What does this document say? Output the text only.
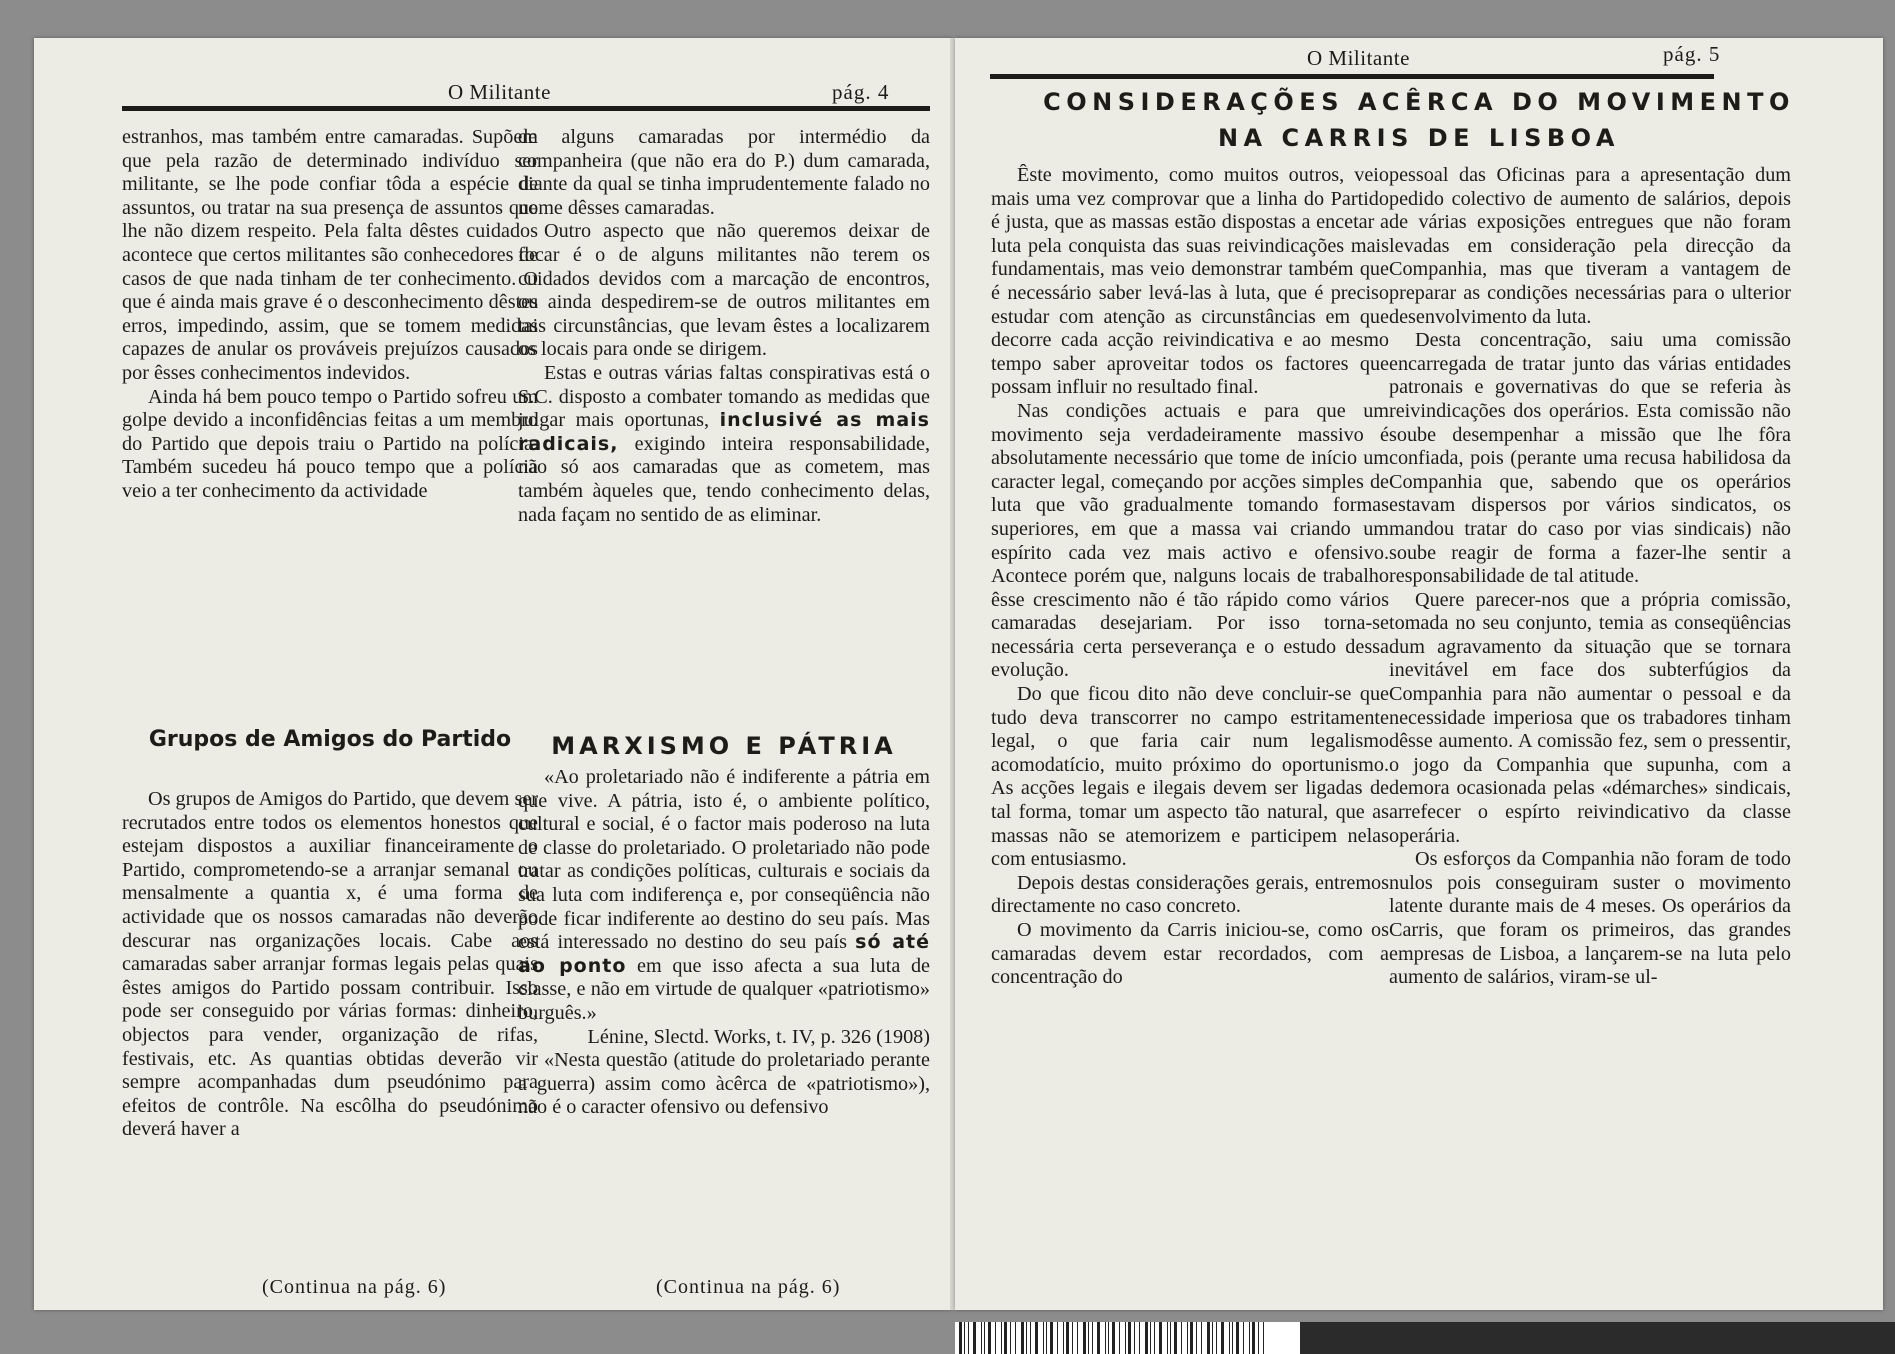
O Militante	pág. 4

estranhos, mas também entre camaradas. Supõem que pela razão de determinado indivíduo ser militante, se lhe pode confiar tôda a espécie de assuntos, ou tratar na sua presença de assuntos que lhe não dizem respeito. Pela falta dêstes cuidados acontece que certos militantes são conhecedores de casos de que nada tinham de ter conhecimento. O que é ainda mais grave é o desconhecimento dêstes erros, impedindo, assim, que se tomem medidas capazes de anular os prováveis prejuízos causados por êsses conhecimentos indevidos.

Ainda há bem pouco tempo o Partido sofreu um golpe devido a inconfidências feitas a um membro do Partido que depois traiu o Partido na polícia. Também sucedeu há pouco tempo que a polícia veio a ter conhecimento da actividade

Grupos de Amigos do Partido

Os grupos de Amigos do Partido, que devem ser recrutados entre todos os elementos honestos que estejam dispostos a auxiliar financeiramente o Partido, comprometendo-se a arranjar semanal ou mensalmente a quantia x, é uma forma de actividade que os nossos camaradas não deverão descurar nas organizações locais. Cabe aos camaradas saber arranjar formas legais pelas quais êstes amigos do Partido possam contribuir. Isso pode ser conseguido por várias formas: dinheiro, objectos para vender, organização de rifas, festivais, etc. As quantias obtidas deverão vir sempre acompanhadas dum pseudónimo para efeitos de contrôle. Na escôlha do pseudónimo deverá haver a

(Continua na pág. 6)

de alguns camaradas por intermédio da companheira (que não era do P.) dum camarada, diante da qual se tinha imprudentemente falado no nome dêsses camaradas.

Outro aspecto que não queremos deixar de focar é o de alguns militantes não terem os cuidados devidos com a marcação de encontros, ou ainda despedirem-se de outros militantes em tais circunstâncias, que levam êstes a localizarem os locais para onde se dirigem.

Estas e outras várias faltas conspirativas está o S.C. disposto a combater tomando as medidas que julgar mais oportunas, inclusivé as mais radicais, exigindo inteira responsabilidade, não só aos camaradas que as cometem, mas também àqueles que, tendo conhecimento delas, nada façam no sentido de as eliminar.

MARXISMO E PÁTRIA

«Ao proletariado não é indiferente a pátria em que vive. A pátria, isto é, o ambiente político, cultural e social, é o factor mais poderoso na luta de classe do proletariado. O proletariado não pode tratar as condições políticas, culturais e sociais da sua luta com indiferença e, por conseqüência não pode ficar indiferente ao destino do seu país. Mas está interessado no destino do seu país só até ao ponto em que isso afecta a sua luta de classe, e não em virtude de qualquer «patriotismo» burguês.»

Lénine, Slectd. Works, t. IV, p. 326 (1908)

«Nesta questão (atitude do proletariado perante a guerra) assim como àcêrca de «patriotismo»), não é o caracter ofensivo ou defensivo

(Continua na pág. 6)
O Militante	pág. 5
CONSIDERAÇÕES ACÊRCA DO MOVIMENTO
NA CARRIS DE LISBOA

Êste movimento, como muitos outros, veio mais uma vez comprovar que a linha do Partido é justa, que as massas estão dispostas a encetar a luta pela conquista das suas reivindicações mais fundamentais, mas veio demonstrar também que é necessário saber levá-las à luta, que é preciso estudar com atenção as circunstâncias em que decorre cada acção reivindicativa e ao mesmo tempo saber aproveitar todos os factores que possam influir no resultado final.

Nas condições actuais e para que um movimento seja verdadeiramente massivo é absolutamente necessário que tome de início um caracter legal, começando por acções simples de luta que vão gradualmente tomando formas superiores, em que a massa vai criando um espírito cada vez mais activo e ofensivo. Acontece porém que, nalguns locais de trabalho êsse crescimento não é tão rápido como vários camaradas desejariam. Por isso torna-se necessária certa perseverança e o estudo dessa evolução.

Do que ficou dito não deve concluir-se que tudo deva transcorrer no campo estritamente legal, o que faria cair num legalismo acomodatício, muito próximo do oportunismo. As acções legais e ilegais devem ser ligadas de tal forma, tomar um aspecto tão natural, que as massas não se atemorizem e participem nelas com entusiasmo.

Depois destas considerações gerais, entremos directamente no caso concreto.

O movimento da Carris iniciou-se, como os camaradas devem estar recordados, com a concentração do

pessoal das Oficinas para a apresentação dum pedido colectivo de aumento de salários, depois de várias exposições entregues que não foram levadas em consideração pela direcção da Companhia, mas que tiveram a vantagem de preparar as condições necessárias para o ulterior desenvolvimento da luta.

Desta concentração, saiu uma comissão encarregada de tratar junto das várias entidades patronais e governativas do que se referia às reivindicações dos operários. Esta comissão não soube desempenhar a missão que lhe fôra confiada, pois (perante uma recusa habilidosa da Companhia que, sabendo que os operários estavam dispersos por vários sindicatos, os mandou tratar do caso por vias sindicais) não soube reagir de forma a fazer-lhe sentir a responsabilidade de tal atitude.

Quere parecer-nos que a própria comissão, tomada no seu conjunto, temia as conseqüências dum agravamento da situação que se tornara inevitável em face dos subterfúgios da Companhia para não aumentar o pessoal e da necessidade imperiosa que os trabadores tinham dêsse aumento. A comissão fez, sem o pressentir, o jogo da Companhia que supunha, com a demora ocasionada pelas «démarches» sindicais, arrefecer o espírto reivindicativo da classe operária.

Os esforços da Companhia não foram de todo nulos pois conseguiram suster o movimento latente durante mais de 4 meses. Os operários da Carris, que foram os primeiros, das grandes empresas de Lisboa, a lançarem-se na luta pelo aumento de salários, viram-se ul-
